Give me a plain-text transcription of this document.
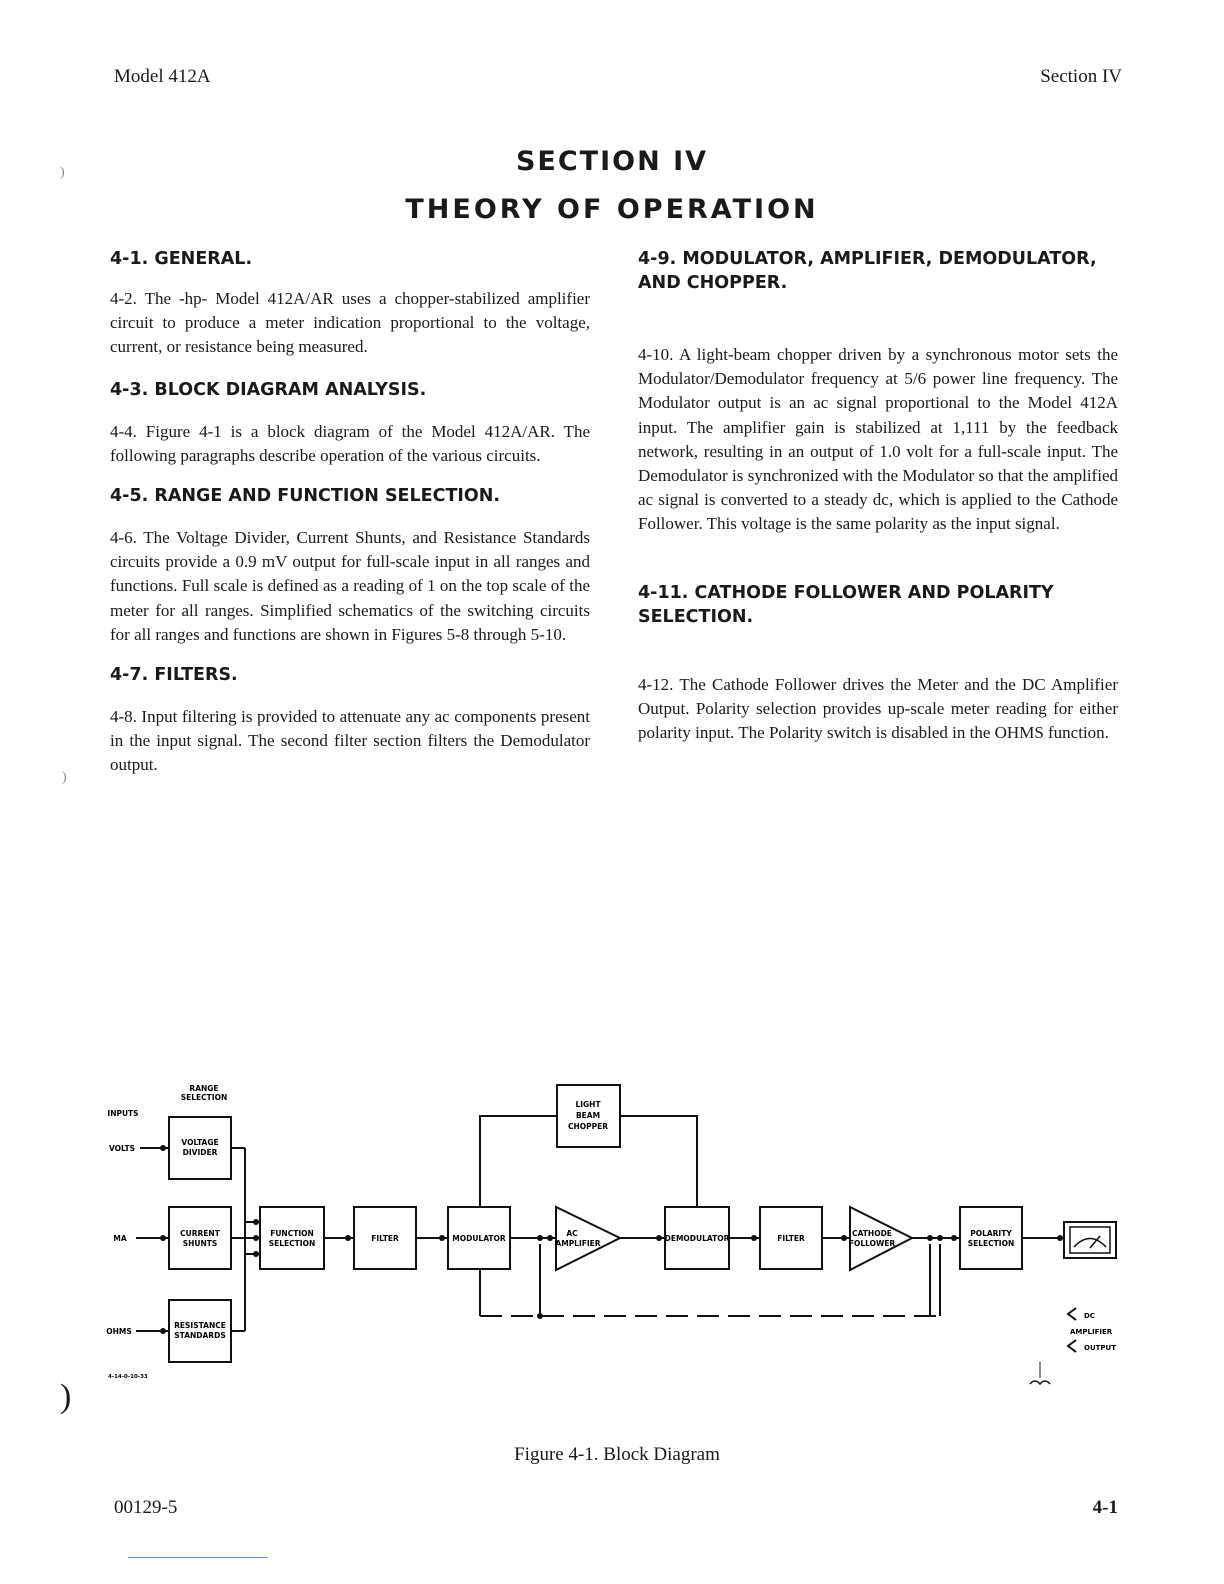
Model 412A	Section IV
)
)
)
SECTION IV
THEORY OF OPERATION

4-1. GENERAL.

4-2. The -hp- Model 412A/AR uses a chopper-stabilized amplifier circuit to produce a meter indication proportional to the voltage, current, or resistance being measured.

4-3. BLOCK DIAGRAM ANALYSIS.

4-4. Figure 4-1 is a block diagram of the Model 412A/AR. The following paragraphs describe operation of the various circuits.

4-5. RANGE AND FUNCTION SELECTION.

4-6. The Voltage Divider, Current Shunts, and Resistance Standards circuits provide a 0.9 mV output for full-scale input in all ranges and functions. Full scale is defined as a reading of 1 on the top scale of the meter for all ranges. Simplified schematics of the switching circuits for all ranges and functions are shown in Figures 5-8 through 5-10.

4-7. FILTERS.

4-8. Input filtering is provided to attenuate any ac components present in the input signal. The second filter section filters the Demodulator output.

4-9. MODULATOR, AMPLIFIER, DEMODULATOR, AND CHOPPER.

4-10. A light-beam chopper driven by a synchronous motor sets the Modulator/Demodulator frequency at 5/6 power line frequency. The Modulator output is an ac signal proportional to the Model 412A input. The amplifier gain is stabilized at 1,111 by the feedback network, resulting in an output of 1.0 volt for a full-scale input. The Demodulator is synchronized with the Modulator so that the amplified ac signal is converted to a steady dc, which is applied to the Cathode Follower. This voltage is the same polarity as the input signal.

4-11. CATHODE FOLLOWER AND POLARITY SELECTION.

4-12. The Cathode Follower drives the Meter and the DC Amplifier Output. Polarity selection provides up-scale meter reading for either polarity input. The Polarity switch is disabled in the OHMS function.

RANGE
SELECTION
INPUTS
VOLTS
MA
OHMS
VOLTAGE
DIVIDER
CURRENT
SHUNTS
RESISTANCE
STANDARDS
FUNCTION
SELECTION
FILTER	MODULATOR
LIGHT
BEAM
CHOPPER
AC
AMPLIFIER
DEMODULATOR	FILTER
CATHODE
FOLLOWER
POLARITY
SELECTION
DC
AMPLIFIER
OUTPUT
4-14-0-10-33
Figure 4-1. Block Diagram
00129-5	4-1
